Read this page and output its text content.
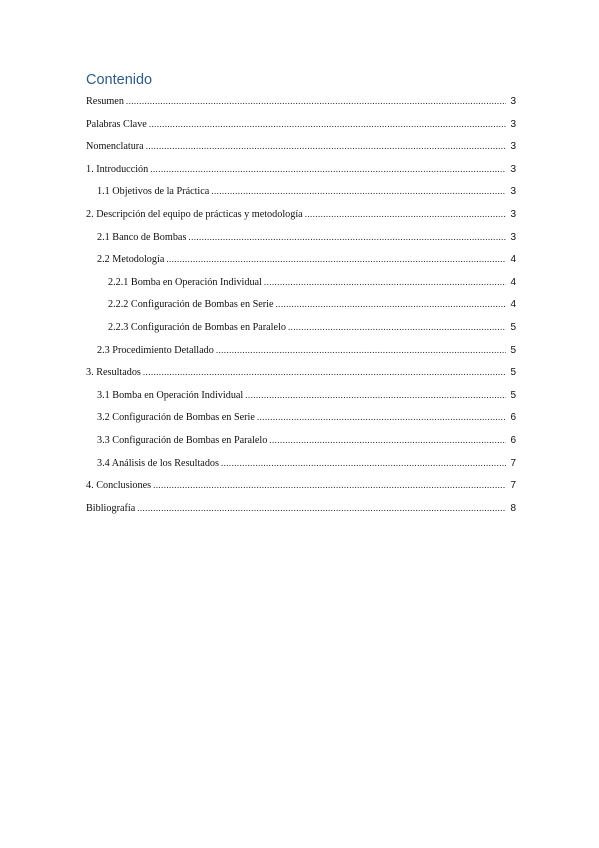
Contenido
Resumen .....	3
Palabras Clave .....	3
Nomenclatura .....	3
1. Introducción .....	3
1.1 Objetivos de la Práctica .....	3
2. Descripción del equipo de prácticas y metodología .....	3
2.1 Banco de Bombas .....	3
2.2 Metodología .....	4
2.2.1 Bomba en Operación Individual .....	4
2.2.2 Configuración de Bombas en Serie .....	4
2.2.3 Configuración de Bombas en Paralelo .....	5
2.3 Procedimiento Detallado .....	5
3. Resultados .....	5
3.1 Bomba en Operación Individual .....	5
3.2 Configuración de Bombas en Serie .....	6
3.3 Configuración de Bombas en Paralelo .....	6
3.4 Análisis de los Resultados .....	7
4. Conclusiones .....	7
Bibliografía .....	8
